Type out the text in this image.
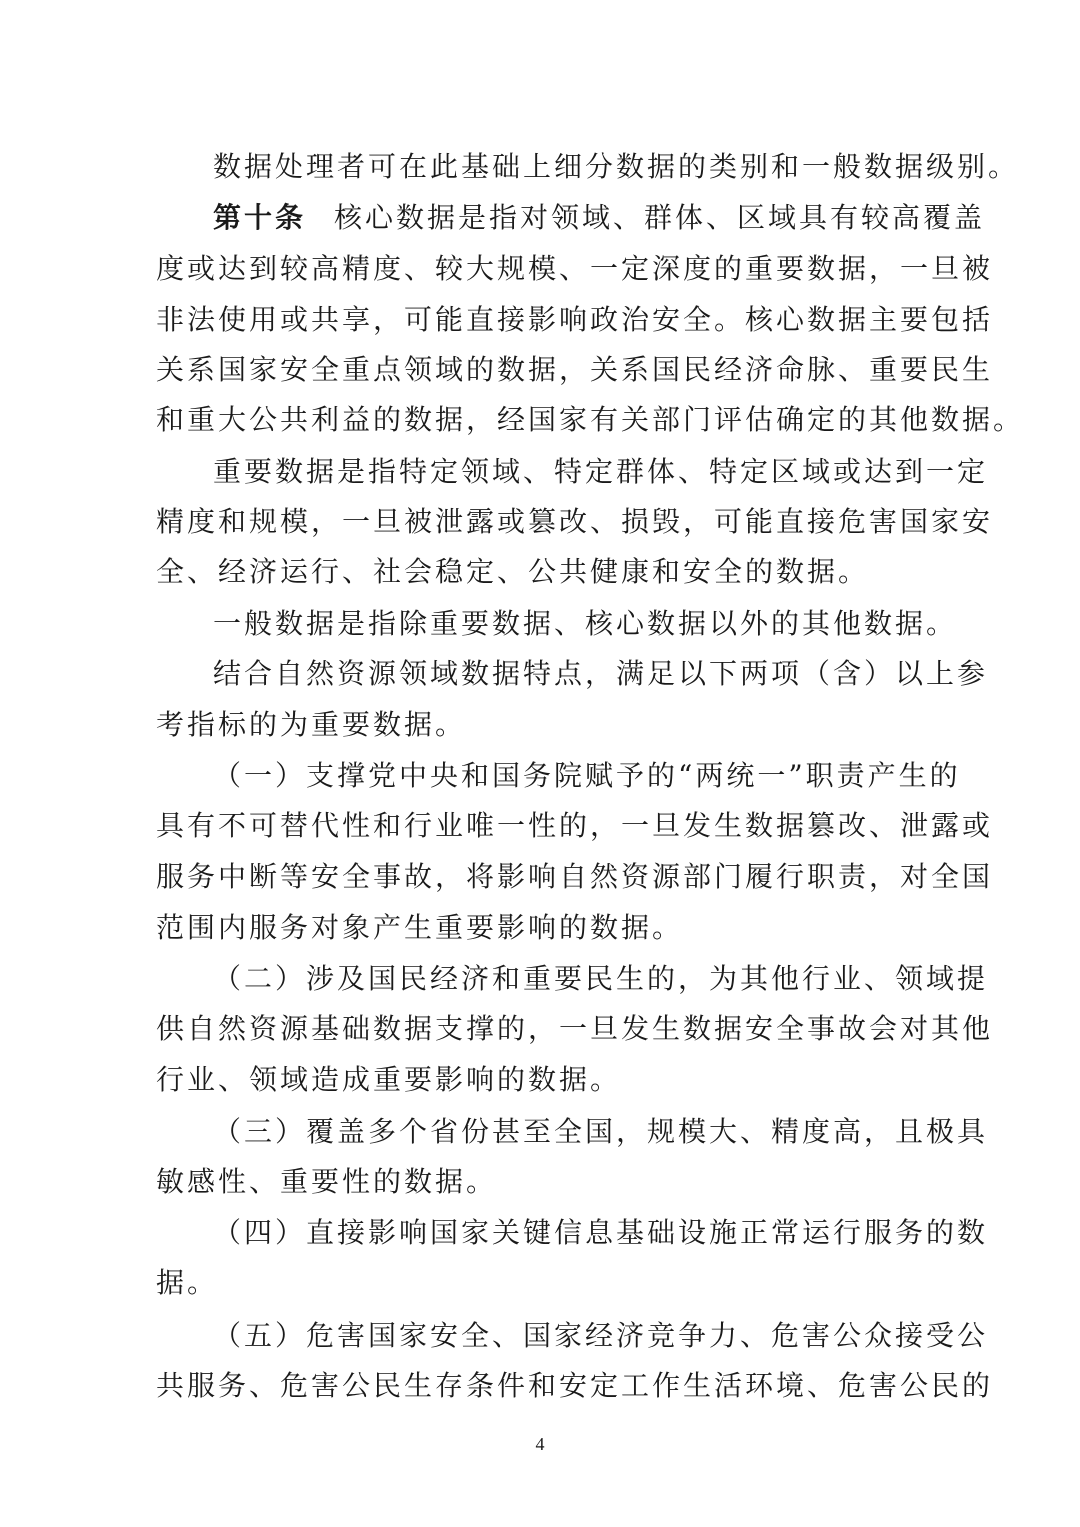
数据处理者可在此基础上细分数据的类别和一般数据级别。
第十条 核心数据是指对领域、群体、区域具有较高覆盖
度或达到较高精度、较大规模、一定深度的重要数据，一旦被
非法使用或共享，可能直接影响政治安全。核心数据主要包括
关系国家安全重点领域的数据，关系国民经济命脉、重要民生
和重大公共利益的数据，经国家有关部门评估确定的其他数据。
重要数据是指特定领域、特定群体、特定区域或达到一定
精度和规模，一旦被泄露或篡改、损毁，可能直接危害国家安
全、经济运行、社会稳定、公共健康和安全的数据。
一般数据是指除重要数据、核心数据以外的其他数据。
结合自然资源领域数据特点，满足以下两项（含）以上参
考指标的为重要数据。
（一）支撑党中央和国务院赋予的“两统一”职责产生的
具有不可替代性和行业唯一性的，一旦发生数据篡改、泄露或
服务中断等安全事故，将影响自然资源部门履行职责，对全国
范围内服务对象产生重要影响的数据。
（二）涉及国民经济和重要民生的，为其他行业、领域提
供自然资源基础数据支撑的，一旦发生数据安全事故会对其他
行业、领域造成重要影响的数据。
（三）覆盖多个省份甚至全国，规模大、精度高，且极具
敏感性、重要性的数据。
（四）直接影响国家关键信息基础设施正常运行服务的数
据。
（五）危害国家安全、国家经济竞争力、危害公众接受公
共服务、危害公民生存条件和安定工作生活环境、危害公民的
4
